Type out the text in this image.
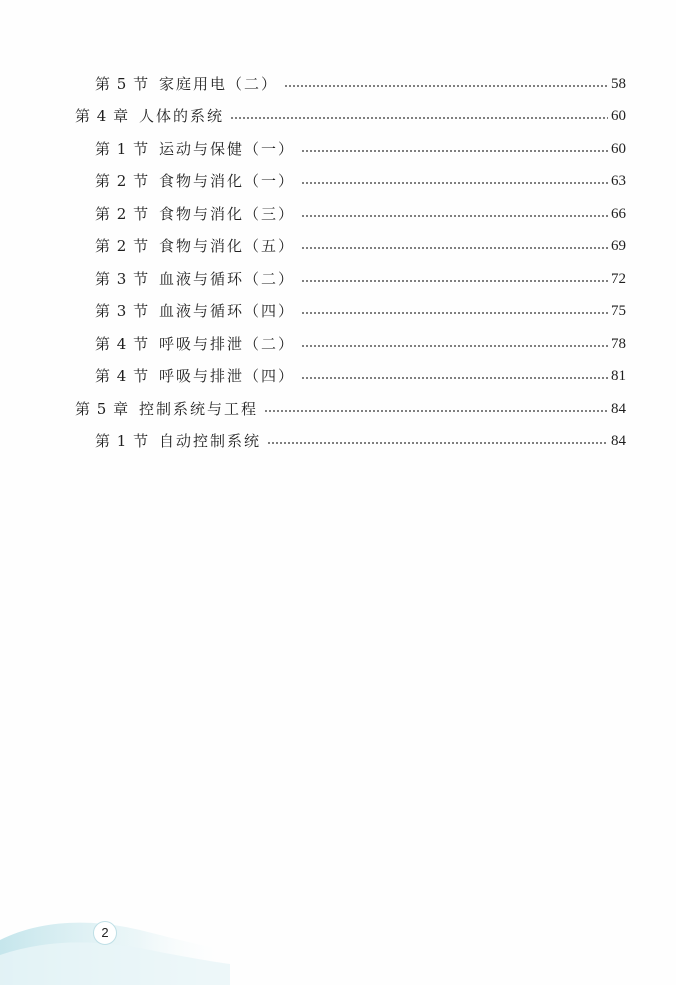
第 5 节 家庭用电（二）	58
第 4 章 人体的系统	60
第 1 节 运动与保健（一）	60
第 2 节 食物与消化（一）	63
第 2 节 食物与消化（三）	66
第 2 节 食物与消化（五）	69
第 3 节 血液与循环（二）	72
第 3 节 血液与循环（四）	75
第 4 节 呼吸与排泄（二）	78
第 4 节 呼吸与排泄（四）	81
第 5 章 控制系统与工程	84
第 1 节 自动控制系统	84
2
